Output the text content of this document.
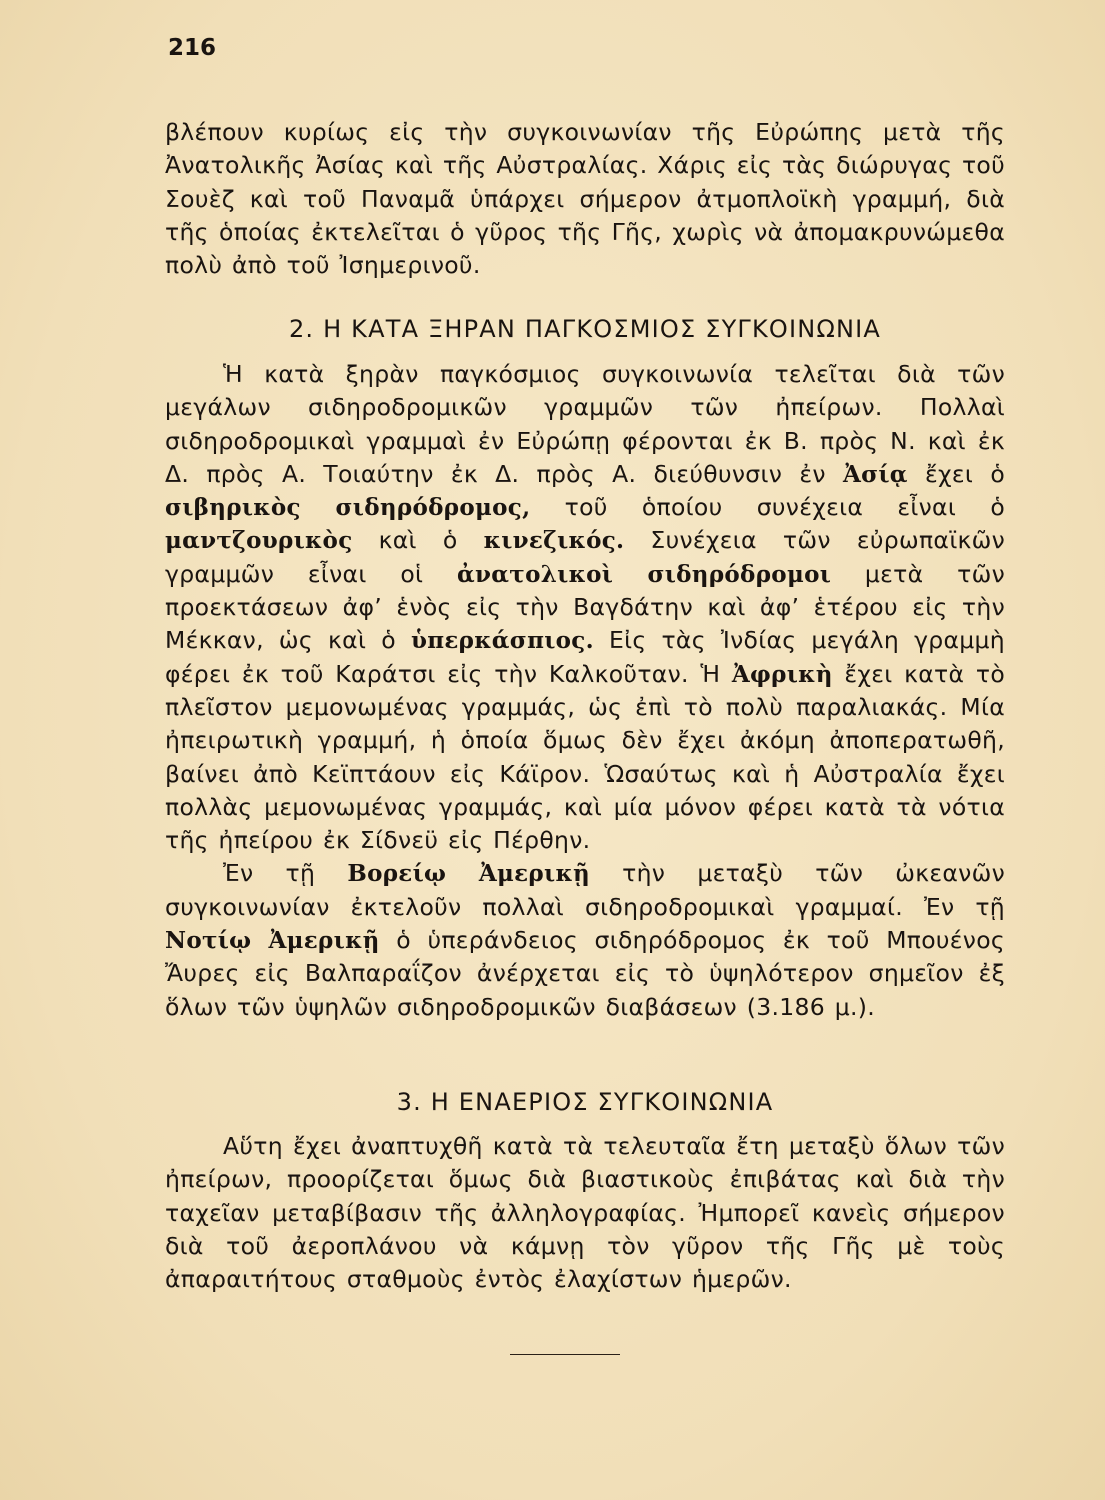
216

βλέπουν κυρίως εἰς τὴν συγκοινωνίαν τῆς Εὐρώπης μετὰ τῆς Ἀνατολικῆς Ἀσίας καὶ τῆς Αὐστραλίας. Χάρις εἰς τὰς διώρυγας τοῦ Σουὲζ καὶ τοῦ Παναμᾶ ὑπάρχει σήμερον ἀτμοπλοϊκὴ γραμμή, διὰ τῆς ὁποίας ἐκτελεῖται ὁ γῦρος τῆς Γῆς, χωρὶς νὰ ἀπομακρυνώμεθα πολὺ ἀπὸ τοῦ Ἰσημερινοῦ.

2. Η ΚΑΤΑ ΞΗΡΑΝ ΠΑΓΚΟΣΜΙΟΣ ΣΥΓΚΟΙΝΩΝΙΑ

Ἡ κατὰ ξηρὰν παγκόσμιος συγκοινωνία τελεῖται διὰ τῶν μεγάλων σιδηροδρομικῶν γραμμῶν τῶν ἠπείρων. Πολλαὶ σιδηροδρομικαὶ γραμμαὶ ἐν Εὐρώπῃ φέρονται ἐκ Β. πρὸς Ν. καὶ ἐκ Δ. πρὸς Α. Τοιαύτην ἐκ Δ. πρὸς Α. διεύθυνσιν ἐν Ἀσίᾳ ἔχει ὁ σιβηρικὸς σιδηρόδρομος, τοῦ ὁποίου συνέχεια εἶναι ὁ μαντζουρικὸς καὶ ὁ κινεζικός. Συνέχεια τῶν εὐρωπαϊκῶν γραμμῶν εἶναι οἱ ἀνατολικοὶ σιδηρόδρομοι μετὰ τῶν προεκτάσεων ἀφ’ ἑνὸς εἰς τὴν Βαγδάτην καὶ ἀφ’ ἑτέρου εἰς τὴν Μέκκαν, ὡς καὶ ὁ ὑπερκάσπιος. Εἰς τὰς Ἰνδίας μεγάλη γραμμὴ φέρει ἐκ τοῦ Καράτσι εἰς τὴν Καλκοῦταν. Ἡ Ἀφρικὴ ἔχει κατὰ τὸ πλεῖστον μεμονωμένας γραμμάς, ὡς ἐπὶ τὸ πολὺ παραλιακάς. Μία ἠπειρωτικὴ γραμμή, ἡ ὁποία ὅμως δὲν ἔχει ἀκόμη ἀποπερατωθῆ, βαίνει ἀπὸ Κεϊπτάουν εἰς Κάϊρον. Ὡσαύτως καὶ ἡ Αὐστραλία ἔχει πολλὰς μεμονωμένας γραμμάς, καὶ μία μόνον φέρει κατὰ τὰ νότια τῆς ἠπείρου ἐκ Σίδνεϋ εἰς Πέρθην.

Ἐν τῇ Βορείῳ Ἀμερικῇ τὴν μεταξὺ τῶν ὠκεανῶν συγκοινωνίαν ἐκτελοῦν πολλαὶ σιδηροδρομικαὶ γραμμαί. Ἐν τῇ Νοτίῳ Ἀμερικῇ ὁ ὑπεράνδειος σιδηρόδρομος ἐκ τοῦ Μπουένος Ἄυρες εἰς Βαλπαραΐζον ἀνέρχεται εἰς τὸ ὑψηλότερον σημεῖον ἐξ ὅλων τῶν ὑψηλῶν σιδηροδρομικῶν διαβάσεων (3.186 μ.).

3. Η ΕΝΑΕΡΙΟΣ ΣΥΓΚΟΙΝΩΝΙΑ

Αὕτη ἔχει ἀναπτυχθῆ κατὰ τὰ τελευταῖα ἔτη μεταξὺ ὅλων τῶν ἠπείρων, προορίζεται ὅμως διὰ βιαστικοὺς ἐπιβάτας καὶ διὰ τὴν ταχεῖαν μεταβίβασιν τῆς ἀλληλογραφίας. Ἠμπορεῖ κανεὶς σήμερον διὰ τοῦ ἀεροπλάνου νὰ κάμνῃ τὸν γῦρον τῆς Γῆς μὲ τοὺς ἀπαραιτήτους σταθμοὺς ἐντὸς ἐλαχίστων ἡμερῶν.
